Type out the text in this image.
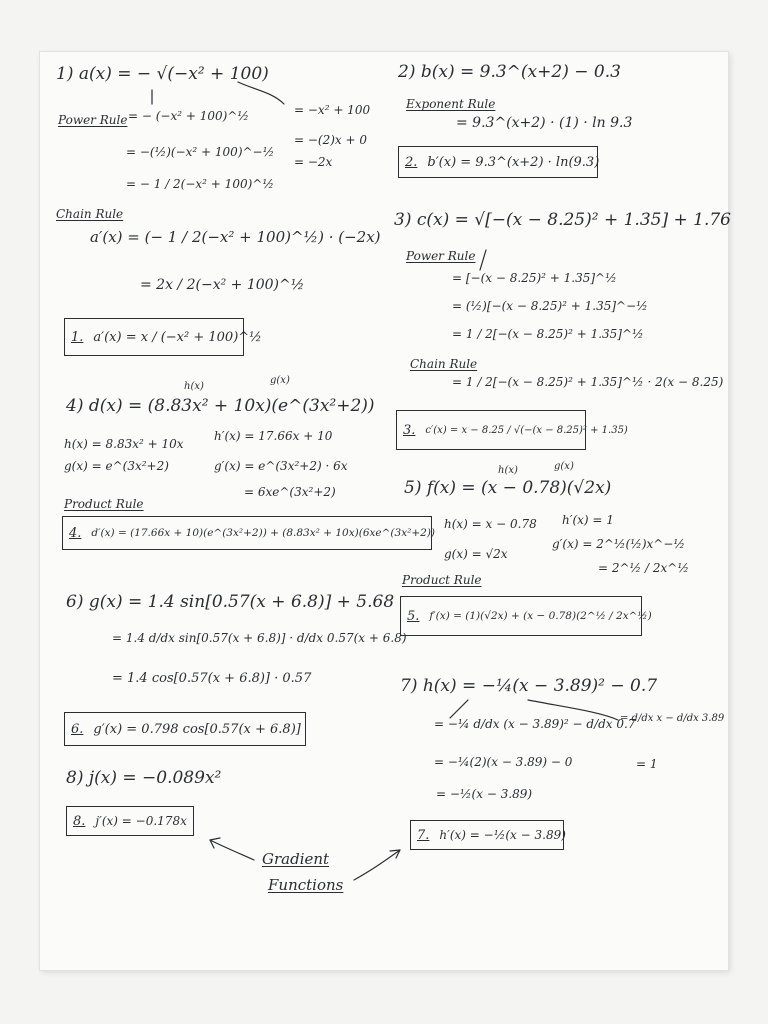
1) a(x) = − √(−x² + 100)
Power Rule = − (−x² + 100)^½
= −(½)(−x² + 100)^−½
= − 1 / 2(−x² + 100)^½
= −x² + 100
= −(2)x + 0
= −2x
Chain Rule
a′(x) = (− 1 / 2(−x² + 100)^½) · (−2x)
= 2x / 2(−x² + 100)^½
1. a′(x) = x / (−x² + 100)^½
2) b(x) = 9.3^(x+2) − 0.3
Exponent Rule
= 9.3^(x+2) · (1) · ln 9.3
2. b′(x) = 9.3^(x+2) · ln(9.3)
3) c(x) = √[−(x − 8.25)² + 1.35] + 1.76
Power Rule
= [−(x − 8.25)² + 1.35]^½
= (½)[−(x − 8.25)² + 1.35]^−½
= 1 / 2[−(x − 8.25)² + 1.35]^½
Chain Rule
= 1 / 2[−(x − 8.25)² + 1.35]^½ · 2(x − 8.25)
3. c′(x) = x − 8.25 / √(−(x − 8.25)² + 1.35)
h(x)
g(x)
4) d(x) = (8.83x² + 10x)(e^(3x²+2))
h(x) = 8.83x² + 10x
g(x) = e^(3x²+2)
h′(x) = 17.66x + 10
g′(x) = e^(3x²+2) · 6x
= 6xe^(3x²+2)
Product Rule
4. d′(x) = (17.66x + 10)(e^(3x²+2)) + (8.83x² + 10x)(6xe^(3x²+2))
h(x)	g(x)
5) f(x) = (x − 0.78)(√2x)
h(x) = x − 0.78
g(x) = √2x
h′(x) = 1
g′(x) = 2^½(½)x^−½
= 2^½ / 2x^½
Product Rule
5. f′(x) = (1)(√2x) + (x − 0.78)(2^½ / 2x^½)
6) g(x) = 1.4 sin[0.57(x + 6.8)] + 5.68
= 1.4 d/dx sin[0.57(x + 6.8)] · d/dx 0.57(x + 6.8)
= 1.4 cos[0.57(x + 6.8)] · 0.57
6. g′(x) = 0.798 cos[0.57(x + 6.8)]
7) h(x) = −¼(x − 3.89)² − 0.7
= −¼ d/dx (x − 3.89)² − d/dx 0.7
= d/dx x − d/dx 3.89
= −¼(2)(x − 3.89) − 0	= 1
= −½(x − 3.89)
7. h′(x) = −½(x − 3.89)
8) j(x) = −0.089x²
8. j′(x) = −0.178x
Gradient
Functions
